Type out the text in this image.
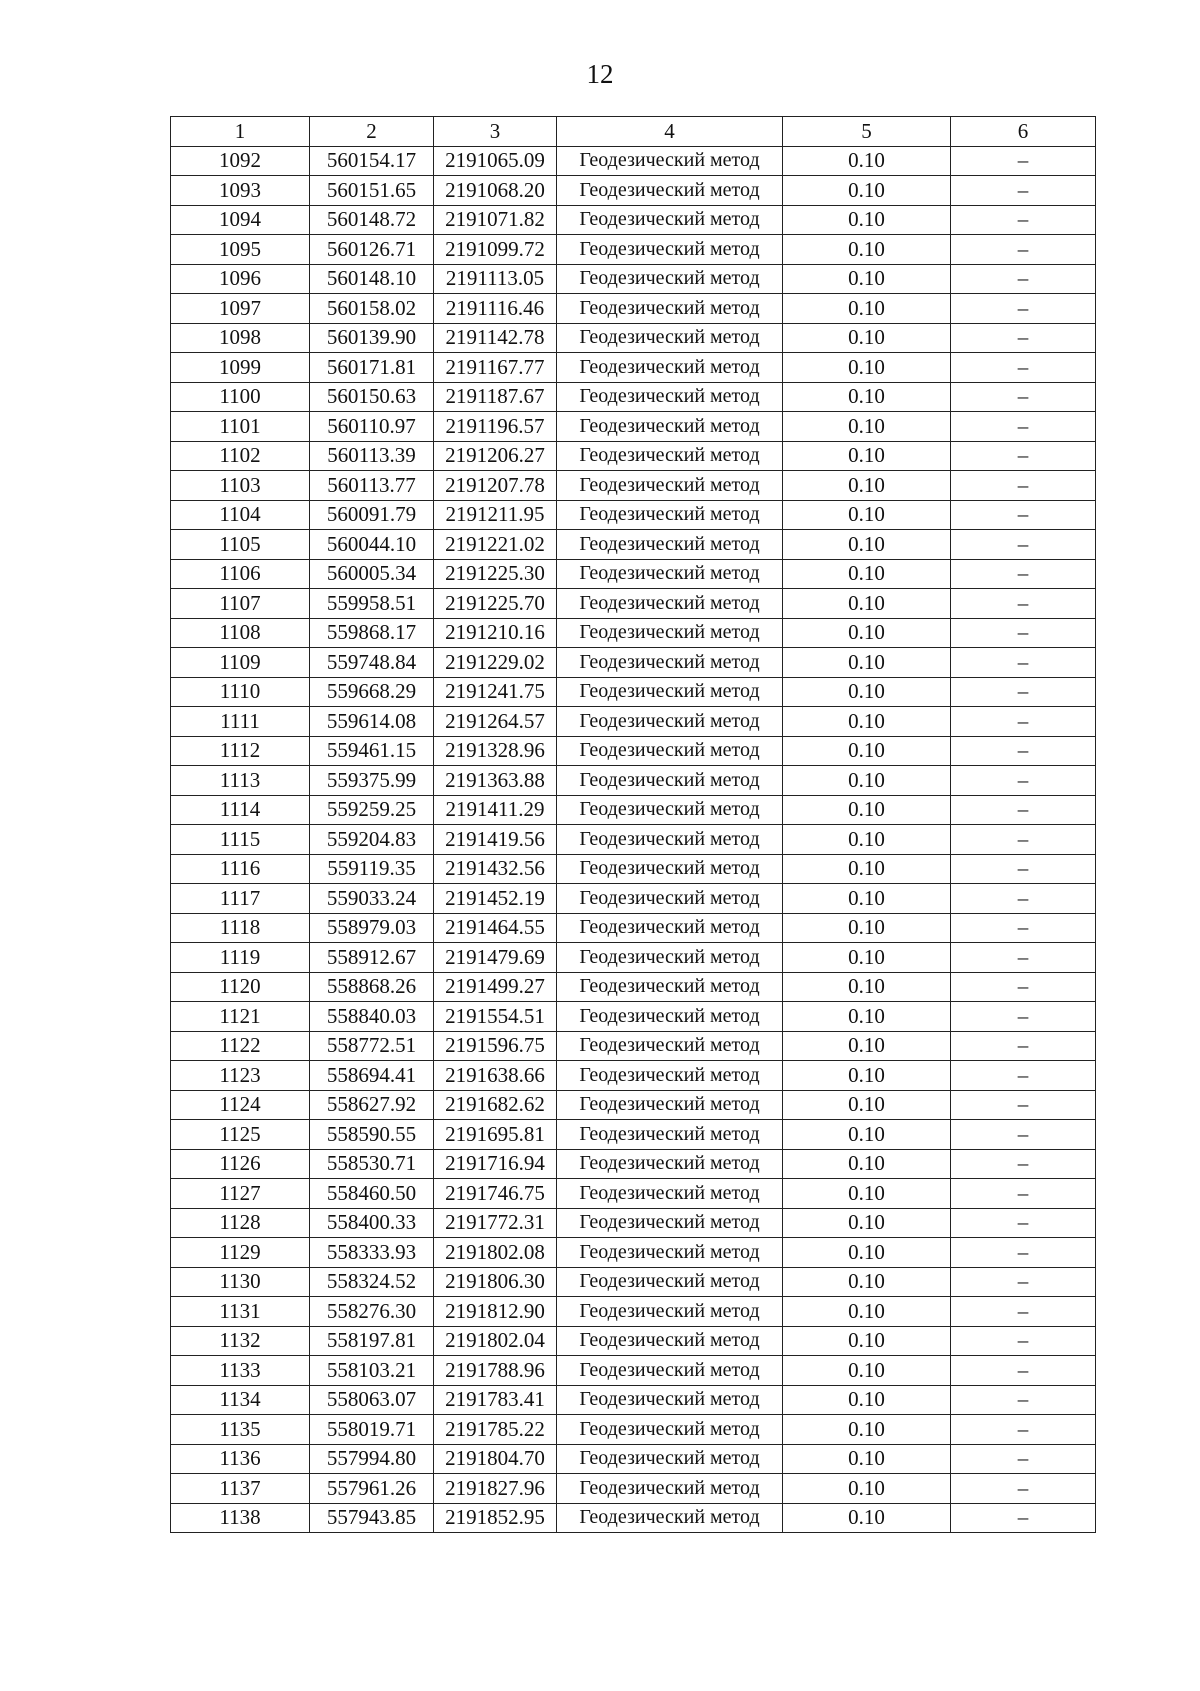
12
1	2	3	4	5	6
1092	560154.17	2191065.09	Геодезический метод	0.10	–
1093	560151.65	2191068.20	Геодезический метод	0.10	–
1094	560148.72	2191071.82	Геодезический метод	0.10	–
1095	560126.71	2191099.72	Геодезический метод	0.10	–
1096	560148.10	2191113.05	Геодезический метод	0.10	–
1097	560158.02	2191116.46	Геодезический метод	0.10	–
1098	560139.90	2191142.78	Геодезический метод	0.10	–
1099	560171.81	2191167.77	Геодезический метод	0.10	–
1100	560150.63	2191187.67	Геодезический метод	0.10	–
1101	560110.97	2191196.57	Геодезический метод	0.10	–
1102	560113.39	2191206.27	Геодезический метод	0.10	–
1103	560113.77	2191207.78	Геодезический метод	0.10	–
1104	560091.79	2191211.95	Геодезический метод	0.10	–
1105	560044.10	2191221.02	Геодезический метод	0.10	–
1106	560005.34	2191225.30	Геодезический метод	0.10	–
1107	559958.51	2191225.70	Геодезический метод	0.10	–
1108	559868.17	2191210.16	Геодезический метод	0.10	–
1109	559748.84	2191229.02	Геодезический метод	0.10	–
1110	559668.29	2191241.75	Геодезический метод	0.10	–
1111	559614.08	2191264.57	Геодезический метод	0.10	–
1112	559461.15	2191328.96	Геодезический метод	0.10	–
1113	559375.99	2191363.88	Геодезический метод	0.10	–
1114	559259.25	2191411.29	Геодезический метод	0.10	–
1115	559204.83	2191419.56	Геодезический метод	0.10	–
1116	559119.35	2191432.56	Геодезический метод	0.10	–
1117	559033.24	2191452.19	Геодезический метод	0.10	–
1118	558979.03	2191464.55	Геодезический метод	0.10	–
1119	558912.67	2191479.69	Геодезический метод	0.10	–
1120	558868.26	2191499.27	Геодезический метод	0.10	–
1121	558840.03	2191554.51	Геодезический метод	0.10	–
1122	558772.51	2191596.75	Геодезический метод	0.10	–
1123	558694.41	2191638.66	Геодезический метод	0.10	–
1124	558627.92	2191682.62	Геодезический метод	0.10	–
1125	558590.55	2191695.81	Геодезический метод	0.10	–
1126	558530.71	2191716.94	Геодезический метод	0.10	–
1127	558460.50	2191746.75	Геодезический метод	0.10	–
1128	558400.33	2191772.31	Геодезический метод	0.10	–
1129	558333.93	2191802.08	Геодезический метод	0.10	–
1130	558324.52	2191806.30	Геодезический метод	0.10	–
1131	558276.30	2191812.90	Геодезический метод	0.10	–
1132	558197.81	2191802.04	Геодезический метод	0.10	–
1133	558103.21	2191788.96	Геодезический метод	0.10	–
1134	558063.07	2191783.41	Геодезический метод	0.10	–
1135	558019.71	2191785.22	Геодезический метод	0.10	–
1136	557994.80	2191804.70	Геодезический метод	0.10	–
1137	557961.26	2191827.96	Геодезический метод	0.10	–
1138	557943.85	2191852.95	Геодезический метод	0.10	–
